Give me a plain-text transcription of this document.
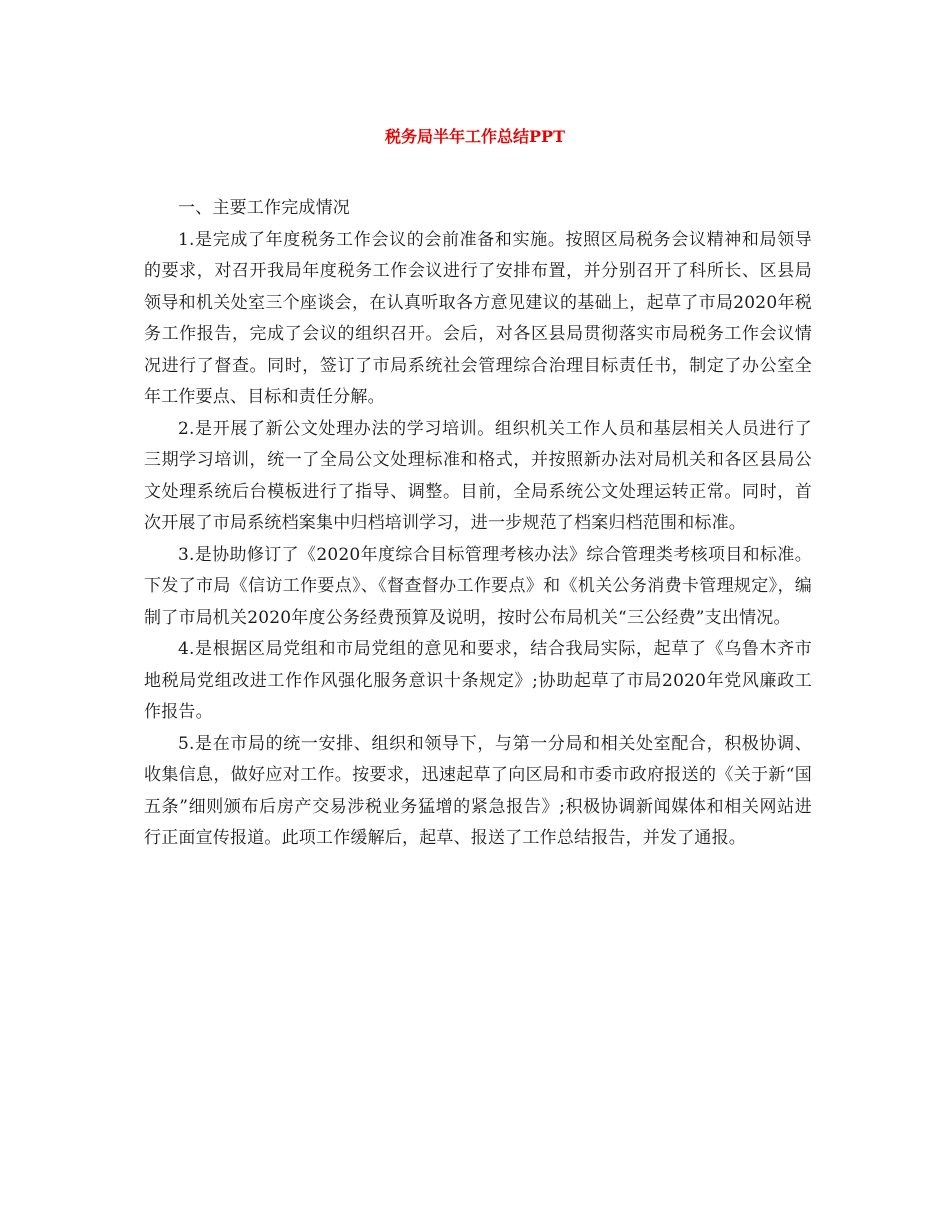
税务局半年工作总结PPT

一、主要工作完成情况

1.是完成了年度税务工作会议的会前准备和实施。按照区局税务会议精神和局领导的要求，对召开我局年度税务工作会议进行了安排布置，并分别召开了科所长、区县局领导和机关处室三个座谈会，在认真听取各方意见建议的基础上，起草了市局2020年税务工作报告，完成了会议的组织召开。会后，对各区县局贯彻落实市局税务工作会议情况进行了督查。同时，签订了市局系统社会管理综合治理目标责任书，制定了办公室全年工作要点、目标和责任分解。

2.是开展了新公文处理办法的学习培训。组织机关工作人员和基层相关人员进行了三期学习培训，统一了全局公文处理标准和格式，并按照新办法对局机关和各区县局公文处理系统后台模板进行了指导、调整。目前，全局系统公文处理运转正常。同时，首次开展了市局系统档案集中归档培训学习，进一步规范了档案归档范围和标准。

3.是协助修订了《2020年度综合目标管理考核办法》综合管理类考核项目和标准。下发了市局《信访工作要点》、《督查督办工作要点》和《机关公务消费卡管理规定》，编制了市局机关2020年度公务经费预算及说明，按时公布局机关“三公经费”支出情况。

4.是根据区局党组和市局党组的意见和要求，结合我局实际，起草了《乌鲁木齐市地税局党组改进工作作风强化服务意识十条规定》;协助起草了市局2020年党风廉政工作报告。

5.是在市局的统一安排、组织和领导下，与第一分局和相关处室配合，积极协调、收集信息，做好应对工作。按要求，迅速起草了向区局和市委市政府报送的《关于新“国五条”细则颁布后房产交易涉税业务猛增的紧急报告》;积极协调新闻媒体和相关网站进行正面宣传报道。此项工作缓解后，起草、报送了工作总结报告，并发了通报。
